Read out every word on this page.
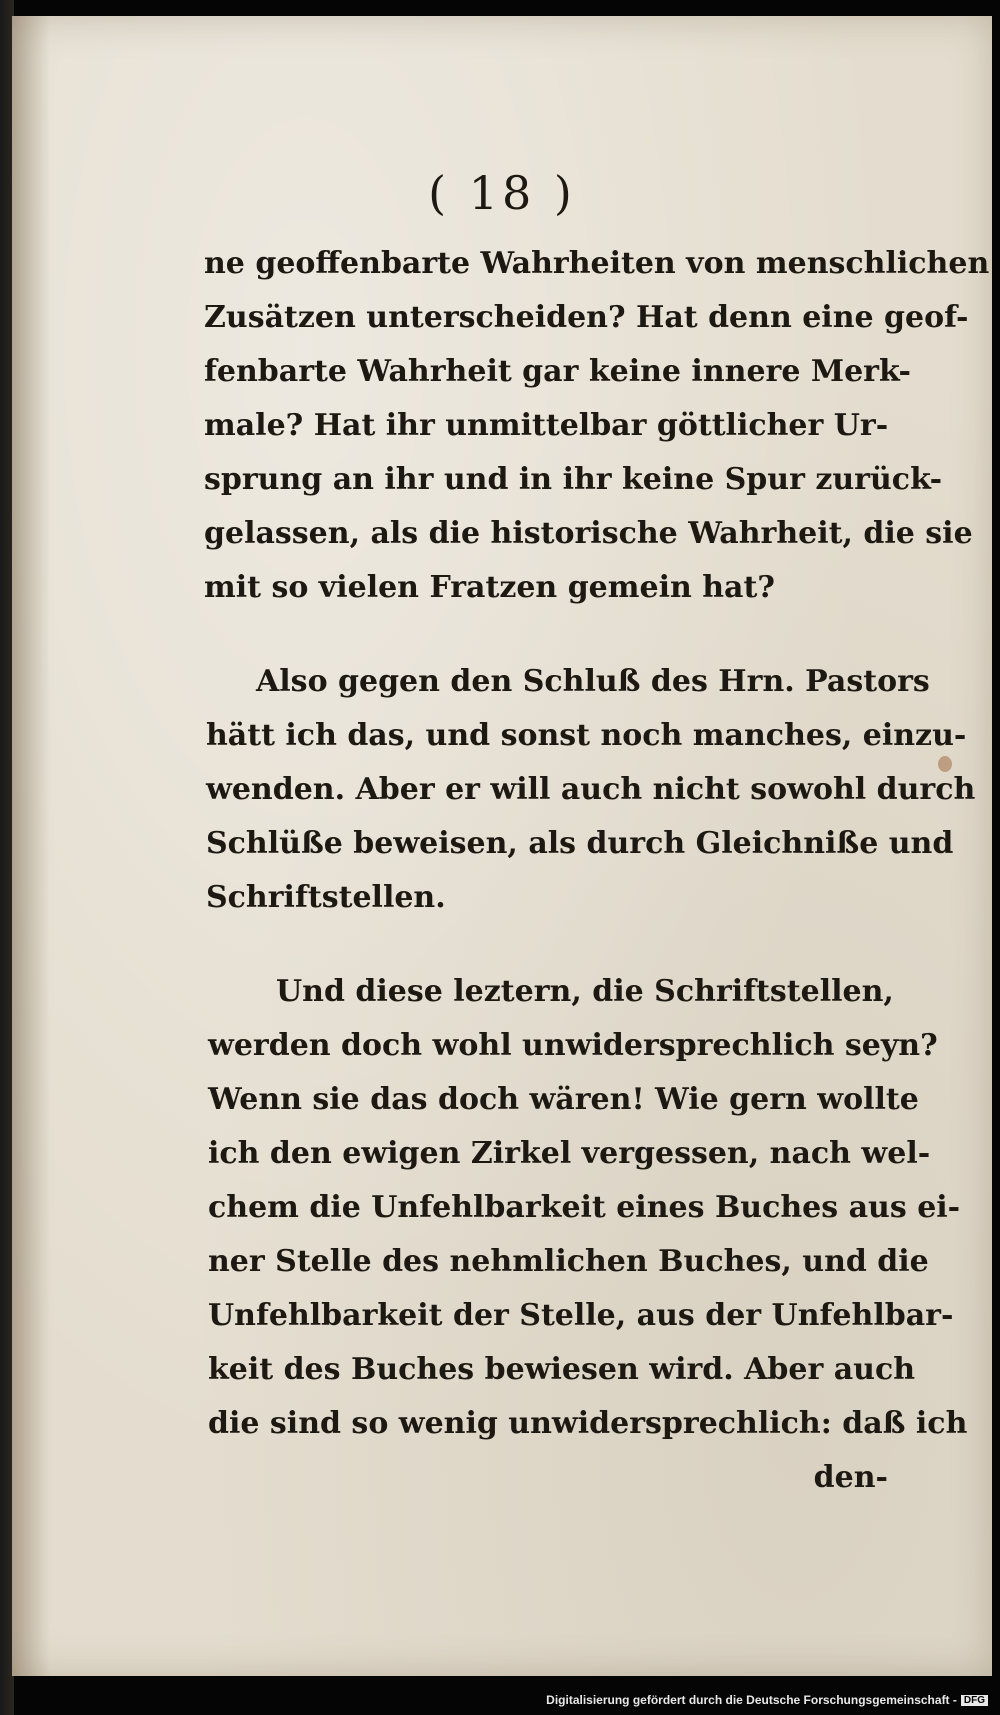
( 18 )
ne geoffenbarte Wahrheiten von menschlichen
Zusätzen unterscheiden? Hat denn eine geof-
fenbarte Wahrheit gar keine innere Merk-
male? Hat ihr unmittelbar göttlicher Ur-
sprung an ihr und in ihr keine Spur zurück-
gelassen, als die historische Wahrheit, die sie
mit so vielen Fratzen gemein hat?
Also gegen den Schluß des Hrn. Pastors
hätt ich das, und sonst noch manches, einzu-
wenden. Aber er will auch nicht sowohl durch
Schlüße beweisen, als durch Gleichniße und
Schriftstellen.
Und diese leztern, die Schriftstellen,
werden doch wohl unwidersprechlich seyn?
Wenn sie das doch wären! Wie gern wollte
ich den ewigen Zirkel vergessen, nach wel-
chem die Unfehlbarkeit eines Buches aus ei-
ner Stelle des nehmlichen Buches, und die
Unfehlbarkeit der Stelle, aus der Unfehlbar-
keit des Buches bewiesen wird. Aber auch
die sind so wenig unwidersprechlich: daß ich
den-
Digitalisierung gefördert durch die Deutsche Forschungsgemeinschaft - DFG
